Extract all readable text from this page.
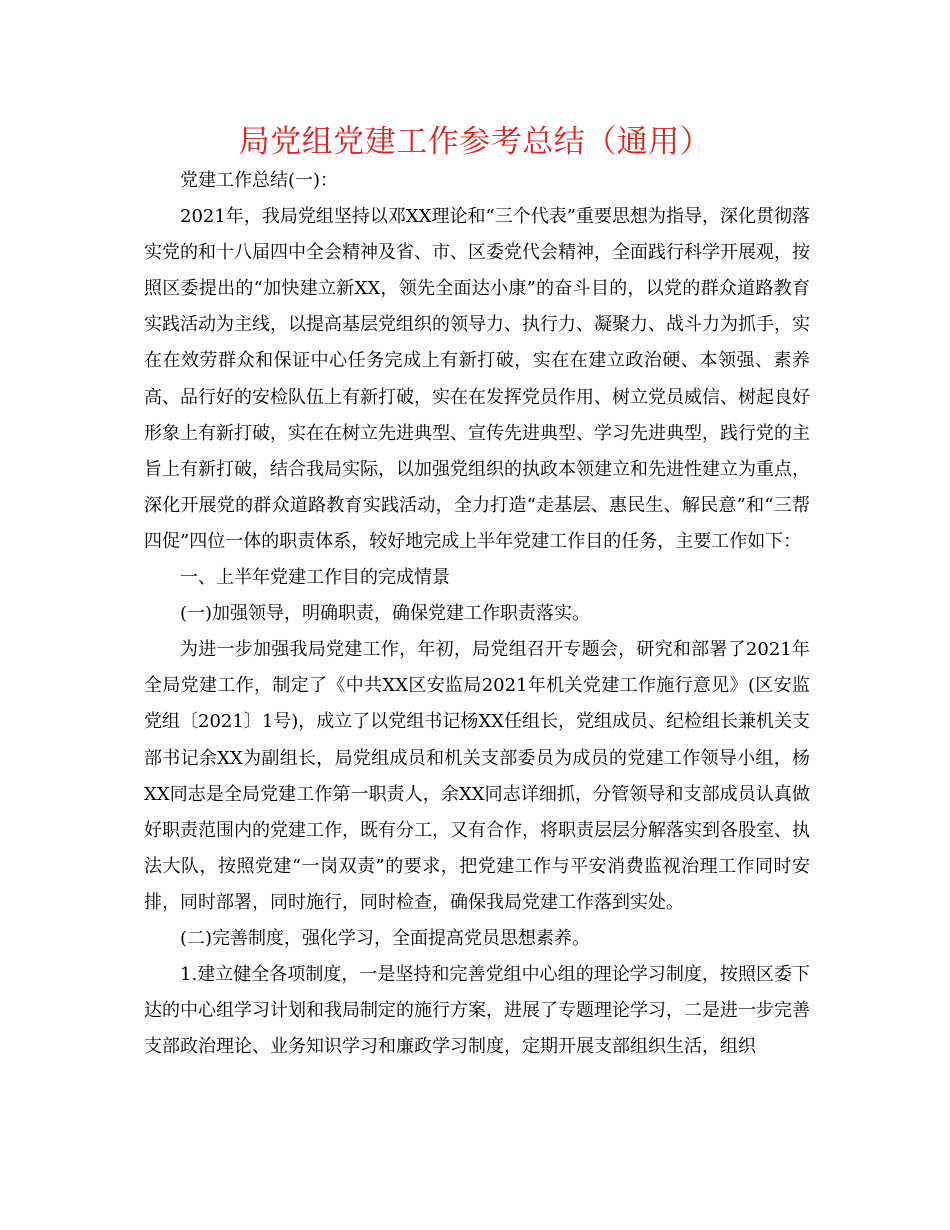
局党组党建工作参考总结（通用）

党建工作总结(一)：

2021年，我局党组坚持以邓XX理论和“三个代表”重要思想为指导，深化贯彻落实党的和十八届四中全会精神及省、市、区委党代会精神，全面践行科学开展观，按照区委提出的“加快建立新XX，领先全面达小康”的奋斗目的，以党的群众道路教育实践活动为主线，以提高基层党组织的领导力、执行力、凝聚力、战斗力为抓手，实在在效劳群众和保证中心任务完成上有新打破，实在在建立政治硬、本领强、素养高、品行好的安检队伍上有新打破，实在在发挥党员作用、树立党员威信、树起良好形象上有新打破，实在在树立先进典型、宣传先进典型、学习先进典型，践行党的主旨上有新打破，结合我局实际，以加强党组织的执政本领建立和先进性建立为重点，深化开展党的群众道路教育实践活动，全力打造“走基层、惠民生、解民意”和“三帮四促”四位一体的职责体系，较好地完成上半年党建工作目的任务，主要工作如下：

一、上半年党建工作目的完成情景

(一)加强领导，明确职责，确保党建工作职责落实。

为进一步加强我局党建工作，年初，局党组召开专题会，研究和部署了2021年全局党建工作，制定了《中共XX区安监局2021年机关党建工作施行意见》(区安监党组〔2021〕1号)，成立了以党组书记杨XX任组长，党组成员、纪检组长兼机关支部书记余XX为副组长，局党组成员和机关支部委员为成员的党建工作领导小组，杨XX同志是全局党建工作第一职责人，余XX同志详细抓，分管领导和支部成员认真做好职责范围内的党建工作，既有分工，又有合作，将职责层层分解落实到各股室、执法大队，按照党建“一岗双责”的要求，把党建工作与平安消费监视治理工作同时安排，同时部署，同时施行，同时检查，确保我局党建工作落到实处。

(二)完善制度，强化学习，全面提高党员思想素养。

1.建立健全各项制度，一是坚持和完善党组中心组的理论学习制度，按照区委下达的中心组学习计划和我局制定的施行方案，进展了专题理论学习，二是进一步完善支部政治理论、业务知识学习和廉政学习制度，定期开展支部组织生活，组织
